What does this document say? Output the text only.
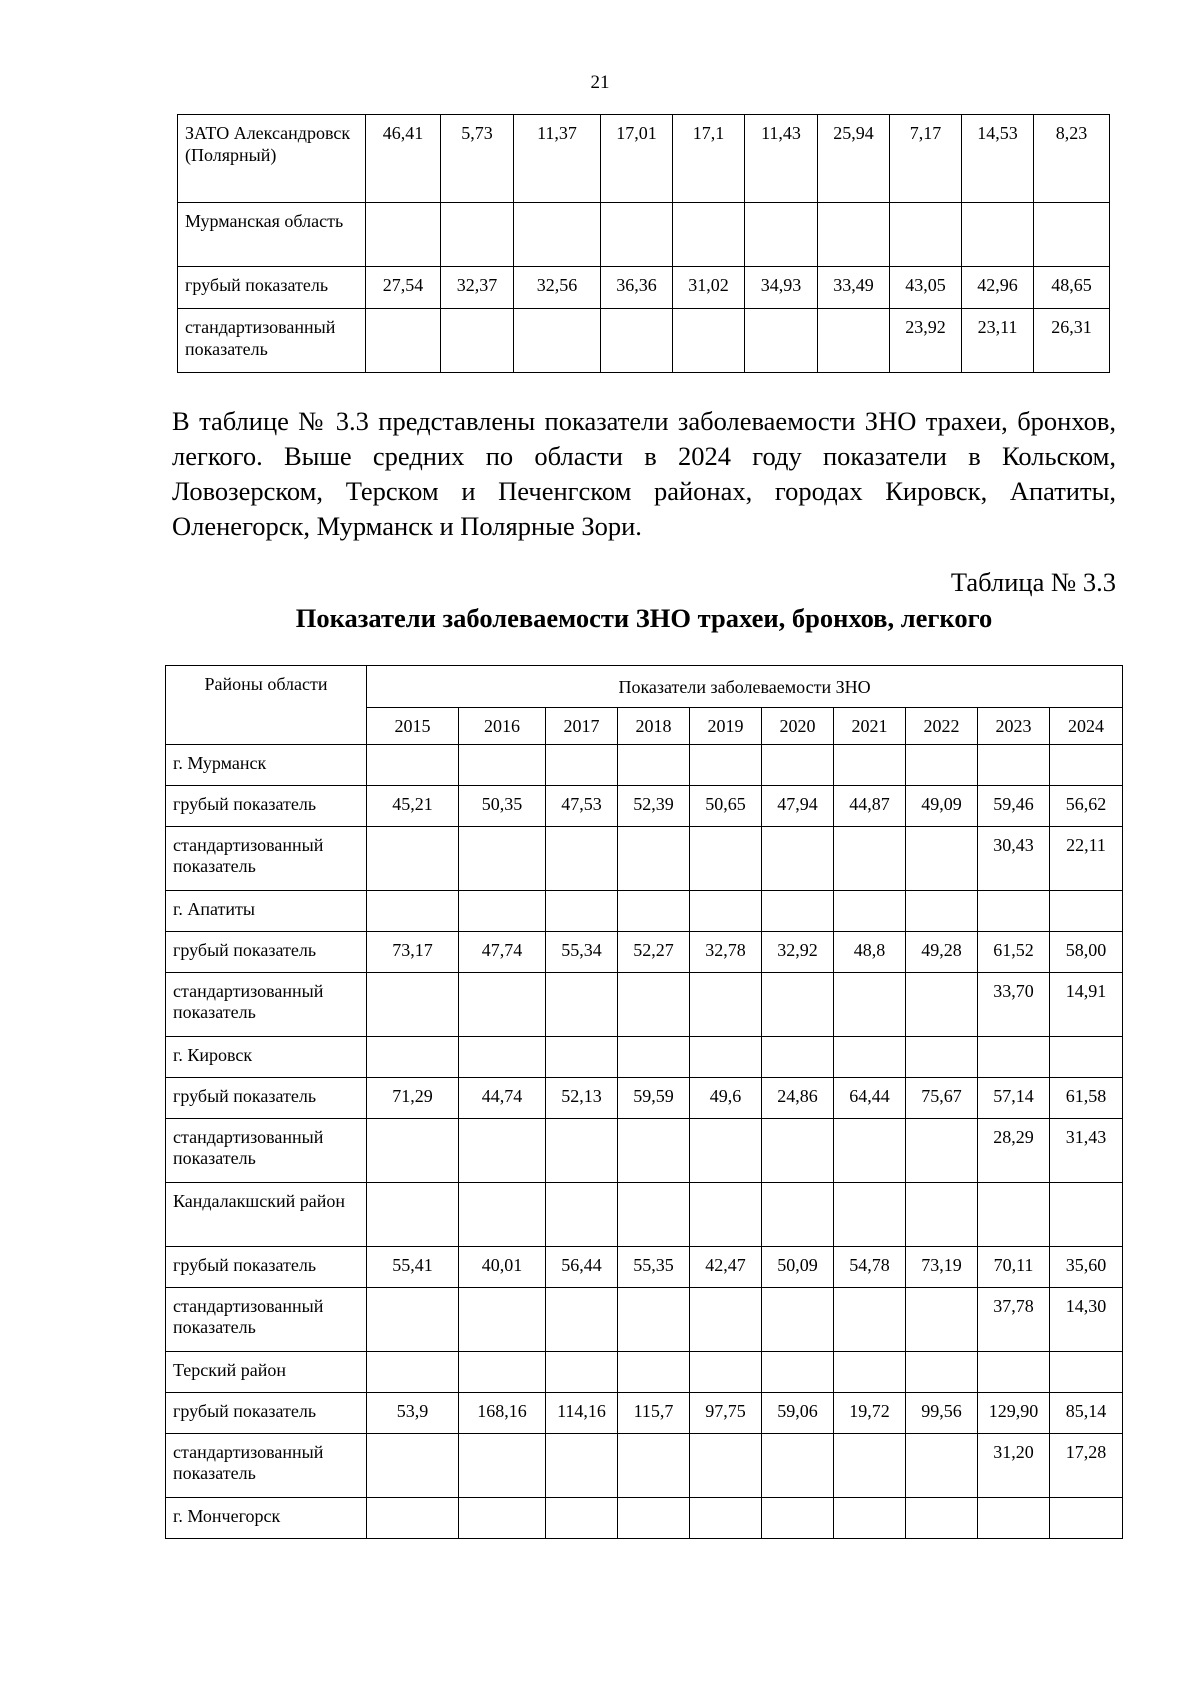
21
ЗАТО Александровск (Полярный)	46,41	5,73	11,37	17,01	17,1	11,43	25,94	7,17	14,53	8,23
Мурманская область										
грубый показатель	27,54	32,37	32,56	36,36	31,02	34,93	33,49	43,05	42,96	48,65
стандартизованный показатель								23,92	23,11	26,31
В таблице № 3.3 представлены показатели заболеваемости ЗНО трахеи, бронхов, легкого. Выше средних по области в 2024 году показатели в Кольском, Ловозерском, Терском и Печенгском районах, городах Кировск, Апатиты, Оленегорск, Мурманск и Полярные Зори.
Таблица № 3.3
Показатели заболеваемости ЗНО трахеи, бронхов, легкого
Районы области	Показатели заболеваемости ЗНО									
	2015	2016	2017	2018	2019	2020	2021	2022	2023	2024
г. Мурманск										
грубый показатель	45,21	50,35	47,53	52,39	50,65	47,94	44,87	49,09	59,46	56,62
стандартизованный показатель									30,43	22,11
г. Апатиты										
грубый показатель	73,17	47,74	55,34	52,27	32,78	32,92	48,8	49,28	61,52	58,00
стандартизованный показатель									33,70	14,91
г. Кировск										
грубый показатель	71,29	44,74	52,13	59,59	49,6	24,86	64,44	75,67	57,14	61,58
стандартизованный показатель									28,29	31,43
Кандалакшский район										
грубый показатель	55,41	40,01	56,44	55,35	42,47	50,09	54,78	73,19	70,11	35,60
стандартизованный показатель									37,78	14,30
Терский район										
грубый показатель	53,9	168,16	114,16	115,7	97,75	59,06	19,72	99,56	129,90	85,14
стандартизованный показатель									31,20	17,28
г. Мончегорск										
